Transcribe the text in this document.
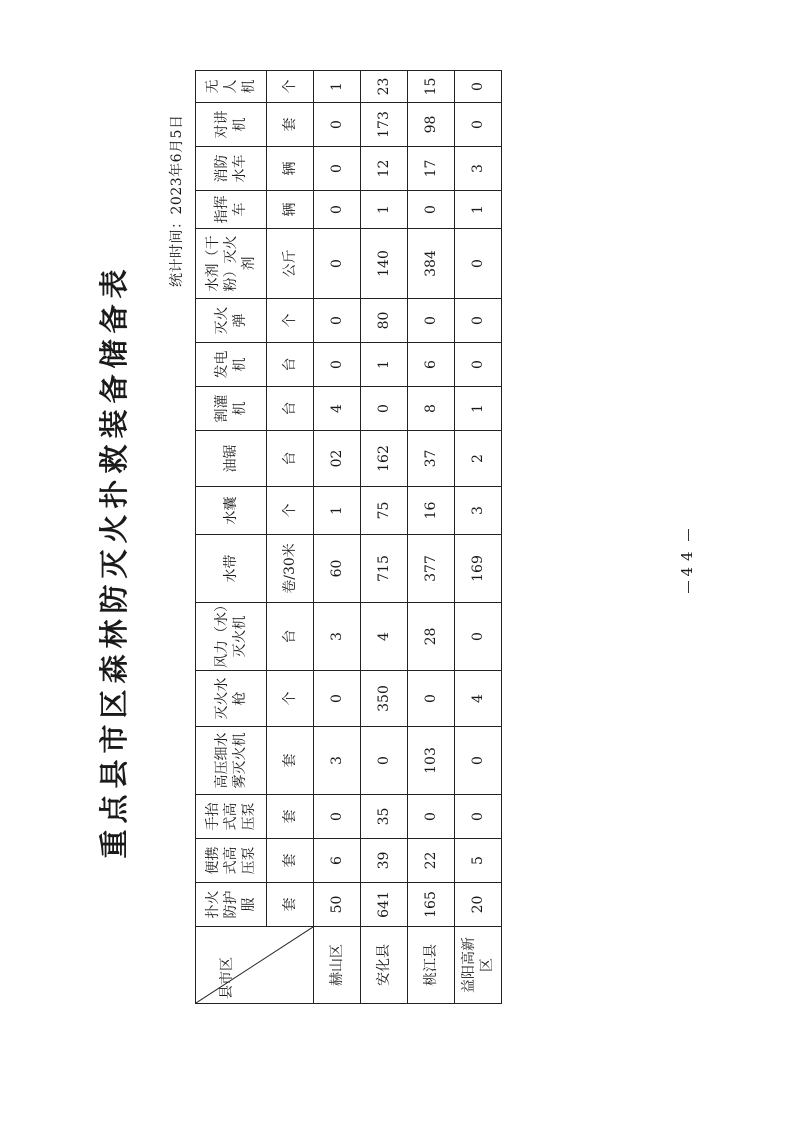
重点县市区森林防灭火扑救装备储备表
统计时间：2023年6月5日
县市区	扑火防护服	便携式高压泵	手抬式高压泵	高压细水雾灭火机	灭火水枪	风力（水）灭火机	水带	水囊	油锯	割灌机	发电机	灭火弹	水剂（干粉）灭火剂	指挥车	消防水车	对讲机	无人机
	套	套	套	套	个	台	卷/30米	个	台	台	台	个	公斤	辆	辆	套	个
赫山区	50	6	0	3	0	3	60	1	02	4	0	0	0	0	0	0	1
安化县	641	39	35	0	350	4	715	75	162	0	1	80	140	1	12	173	23
桃江县	165	22	0	103	0	28	377	16	37	8	6	0	384	0	17	98	15
益阳高新区	20	5	0	0	4	0	169	3	2	1	0	0	0	1	3	0	0
44
